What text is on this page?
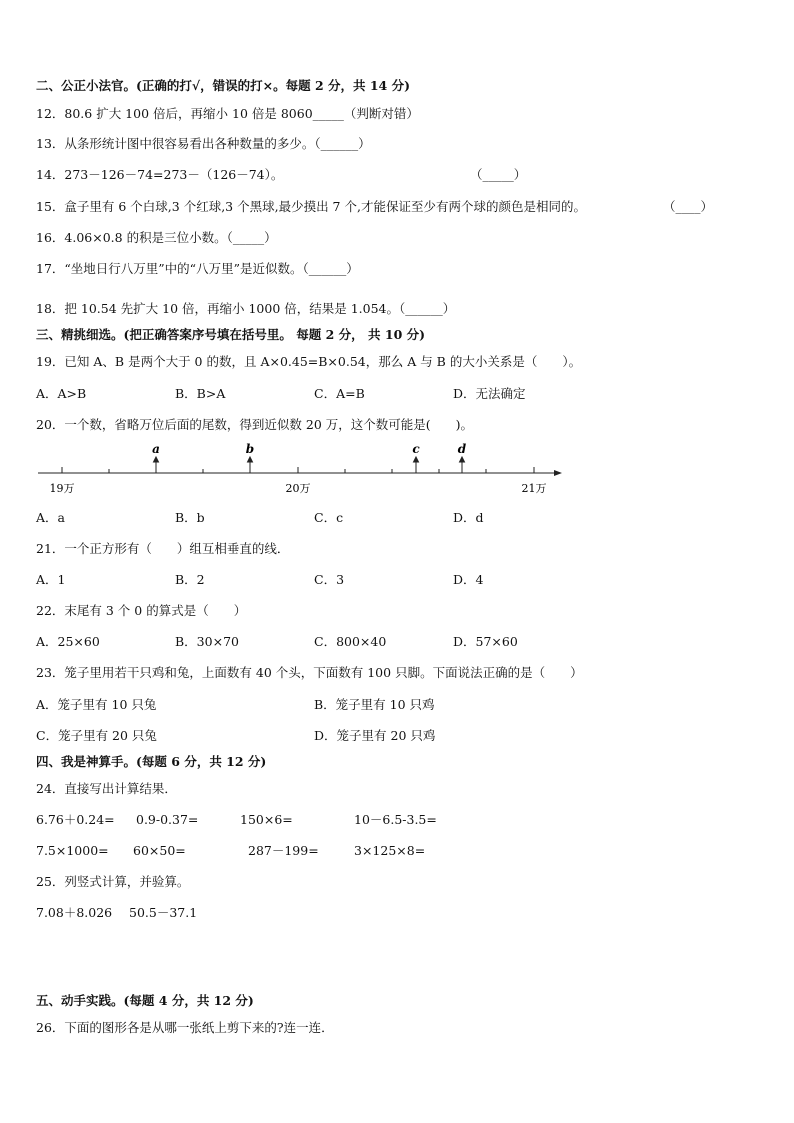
二、公正小法官。(正确的打√，错误的打×。每题 2 分，共 14 分)
12．80.6 扩大 100 倍后，再缩小 10 倍是 8060_____（判断对错）
13．从条形统计图中很容易看出各种数量的多少。（______）
14．273－126－74=273－（126－74）。	（_____）
15．盒子里有 6 个白球,3 个红球,3 个黑球,最少摸出 7 个,才能保证至少有两个球的颜色是相同的。	（____）
16．4.06×0.8 的积是三位小数。（_____）
17．“坐地日行八万里”中的“八万里”是近似数。（______）
18．把 10.54 先扩大 10 倍，再缩小 1000 倍，结果是 1.054。（______）
三、精挑细选。(把正确答案序号填在括号里。 每题 2 分， 共 10 分)
19．已知 A、B 是两个大于 0 的数，且 A×0.45=B×0.54，那么 A 与 B 的大小关系是（　　）。
A．A>B	B．B>A	C．A=B	D．无法确定
20．一个数，省略万位后面的尾数，得到近似数 20 万，这个数可能是(　　)。
a	b	c	d
19万	20万	21万
A．a	B．b	C．c	D．d
21．一个正方形有（　　）组互相垂直的线．
A．1	B．2	C．3	D．4
22．末尾有 3 个 0 的算式是（　　）
A．25×60	B．30×70	C．800×40	D．57×60
23．笼子里用若干只鸡和兔，上面数有 40 个头，下面数有 100 只脚。下面说法正确的是（　　）
A．笼子里有 10 只兔	B．笼子里有 10 只鸡
C．笼子里有 20 只兔	D．笼子里有 20 只鸡
四、我是神算手。(每题 6 分，共 12 分)
24．直接写出计算结果．
6.76＋0.24= 0.9-0.37=	150×6=	10－6.5-3.5=
7.5×1000= 60×50=	287－199=	3×125×8=
25．列竖式计算，并验算。
7.08＋8.026 50.5－37.1
五、动手实践。(每题 4 分，共 12 分)
26．下面的图形各是从哪一张纸上剪下来的?连一连．
